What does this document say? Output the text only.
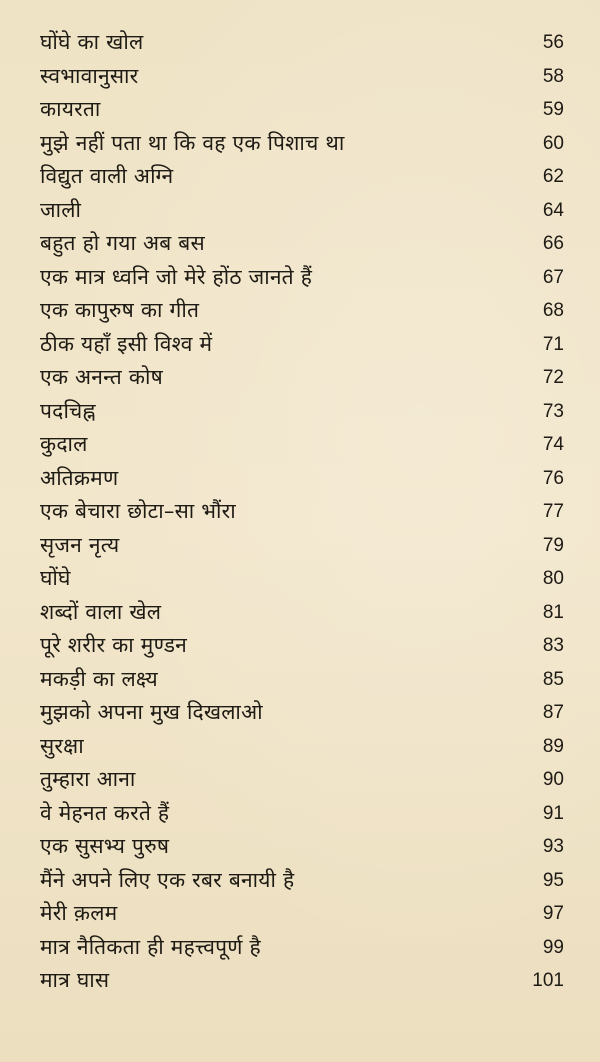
घोंघे का खोल	56
स्वभावानुसार	58
कायरता	59
मुझे नहीं पता था कि वह एक पिशाच था	60
विद्युत वाली अग्नि	62
जाली	64
बहुत हो गया अब बस	66
एक मात्र ध्वनि जो मेरे होंठ जानते हैं	67
एक कापुरुष का गीत	68
ठीक यहाँ इसी विश्व में	71
एक अनन्त कोष	72
पदचिह्न	73
कुदाल	74
अतिक्रमण	76
एक बेचारा छोटा–सा भौंरा	77
सृजन नृत्य	79
घोंघे	80
शब्दों वाला खेल	81
पूरे शरीर का मुण्डन	83
मकड़ी का लक्ष्य	85
मुझको अपना मुख दिखलाओ	87
सुरक्षा	89
तुम्हारा आना	90
वे मेहनत करते हैं	91
एक सुसभ्य पुरुष	93
मैंने अपने लिए एक रबर बनायी है	95
मेरी क़लम	97
मात्र नैतिकता ही महत्त्वपूर्ण है	99
मात्र घास	101
